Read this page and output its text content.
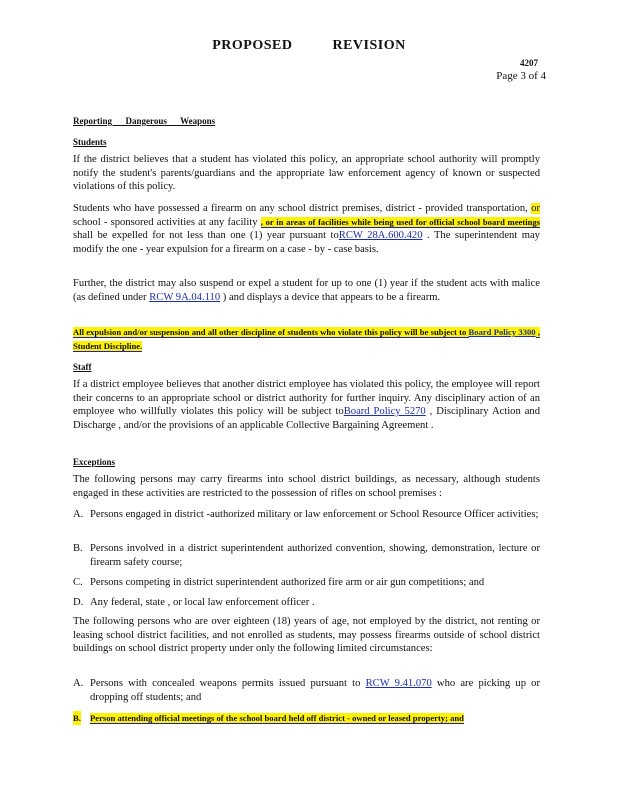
PROPOSED	REVISION
4207
Page 3 of 4
Reporting      Dangerous      Weapons
Students
If the district believes that a student has violated this policy, an appropriate school authority will promptly notify the student's parents/guardians and the appropriate law enforcement agency of known or suspected violations of this policy.
Students who have possessed a firearm on any school district premises, district - provided transportation, or school - sponsored activities at any facility , or in areas of facilities while being used for official school board meetings shall be expelled for not less than one (1) year pursuant toRCW 28A.600.420 . The superintendent may modify the one - year expulsion for a firearm on a case - by - case basis.
Further, the district may also suspend or expel a student for up to one (1) year if the student acts with malice (as defined under RCW 9A.04.110 ) and displays a device that appears to be a firearm.
All expulsion and/or suspension and all other discipline of students who violate this policy will be subject to Board Policy 3300 , Student Discipline.
Staff
If a district employee believes that another district employee has violated this policy, the employee will report their concerns to an appropriate school or district authority for further inquiry. Any disciplinary action of an employee who willfully violates this policy will be subject toBoard Policy 5270 , Disciplinary Action and Discharge , and/or the provisions of an applicable Collective Bargaining Agreement .
Exceptions
The following persons may carry firearms into school district buildings, as necessary, although students engaged in these activities are restricted to the possession of rifles on school premises :
A. Persons engaged in district -authorized military or law enforcement or School Resource Officer activities;
B. Persons involved in a district superintendent authorized convention, showing, demonstration, lecture or firearm safety course;
C. Persons competing in district superintendent authorized fire arm or air gun competitions; and
D. Any federal, state , or local law enforcement officer .
The following persons who are over eighteen (18) years of age, not employed by the district, not renting or leasing school district facilities, and not enrolled as students, may possess firearms outside of school district buildings on school district property under only the following limited circumstances:
A. Persons with concealed weapons permits issued pursuant to RCW 9.41.070 who are picking up or dropping off students; and
B. Person attending official meetings of the school board held off district - owned or leased property; and
